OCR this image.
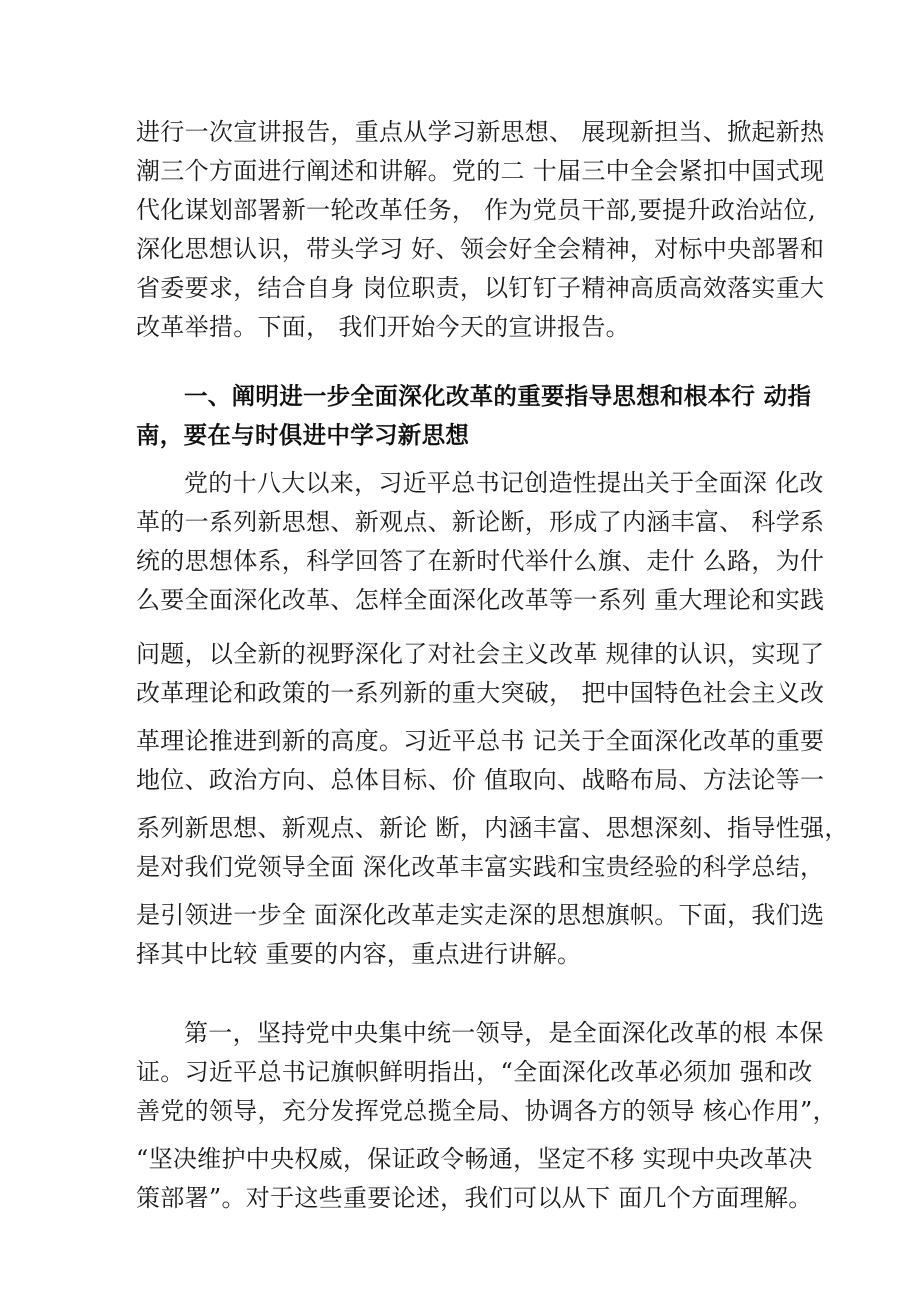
进行一次宣讲报告，重点从学习新思想、 展现新担当、掀起新热
潮三个方面进行阐述和讲解。党的二 十届三中全会紧扣中国式现
代化谋划部署新一轮改革任务， 作为党员干部,要提升政治站位,
深化思想认识，带头学习 好、领会好全会精神，对标中央部署和
省委要求，结合自身 岗位职责，以钉钉子精神高质高效落实重大
改革举措。下面， 我们开始今天的宣讲报告。
一、阐明进一步全面深化改革的重要指导思想和根本行 动指
南，要在与时俱进中学习新思想
党的十八大以来，习近平总书记创造性提出关于全面深 化改
革的一系列新思想、新观点、新论断，形成了内涵丰富、 科学系
统的思想体系，科学回答了在新时代举什么旗、走什 么路，为什
么要全面深化改革、怎样全面深化改革等一系列 重大理论和实践
问题，以全新的视野深化了对社会主义改革 规律的认识，实现了
改革理论和政策的一系列新的重大突破， 把中国特色社会主义改
革理论推进到新的高度。习近平总书 记关于全面深化改革的重要
地位、政治方向、总体目标、价 值取向、战略布局、方法论等一
系列新思想、新观点、新论 断，内涵丰富、思想深刻、指导性强，
是对我们党领导全面 深化改革丰富实践和宝贵经验的科学总结，
是引领进一步全 面深化改革走实走深的思想旗帜。下面，我们选
择其中比较 重要的内容，重点进行讲解。
第一，坚持党中央集中统一领导，是全面深化改革的根 本保
证。习近平总书记旗帜鲜明指出，“全面深化改革必须加 强和改
善党的领导，充分发挥党总揽全局、协调各方的领导 核心作用”，
“坚决维护中央权威，保证政令畅通，坚定不移 实现中央改革决
策部署”。对于这些重要论述，我们可以从下 面几个方面理解。
